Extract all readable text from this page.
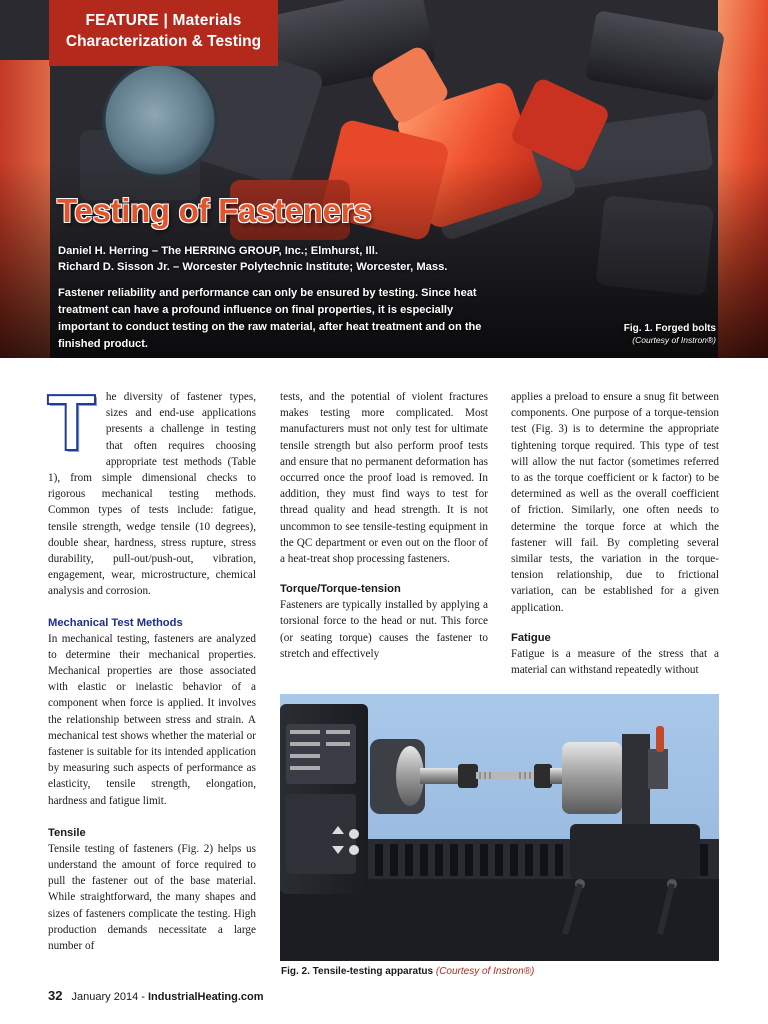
FEATURE | Materials
Characterization & Testing
Testing of Fasteners
Daniel H. Herring – The HERRING GROUP, Inc.; Elmhurst, Ill.
Richard D. Sisson Jr. – Worcester Polytechnic Institute; Worcester, Mass.
Fastener reliability and performance can only be ensured by testing. Since heat treatment can have a profound influence on final properties, it is especially important to conduct testing on the raw material, after heat treatment and on the finished product.
Fig. 1. Forged bolts
(Courtesy of Instron®)
T he diversity of fastener types, sizes and end-use applications presents a challenge in testing that often requires choosing appropriate test methods (Table 1), from simple dimensional checks to rigorous mechanical testing methods. Common types of tests include: fatigue, tensile strength, wedge tensile (10 degrees), double shear, hardness, stress rupture, stress durability, pull-out/push-out, vibration, engagement, wear, microstructure, chemical analysis and corrosion.

Mechanical Test Methods

In mechanical testing, fasteners are analyzed to determine their mechanical properties. Mechanical properties are those associated with elastic or inelastic behavior of a component when force is applied. It involves the relationship between stress and strain. A mechanical test shows whether the material or fastener is suitable for its intended application by measuring such aspects of performance as elasticity, tensile strength, elongation, hardness and fatigue limit.

Tensile

Tensile testing of fasteners (Fig. 2) helps us understand the amount of force required to pull the fastener out of the base material. While straightforward, the many shapes and sizes of fasteners complicate the testing. High production demands necessitate a large number of

tests, and the potential of violent fractures makes testing more complicated. Most manufacturers must not only test for ultimate tensile strength but also perform proof tests and ensure that no permanent deformation has occurred once the proof load is removed. In addition, they must find ways to test for thread quality and head strength. It is not uncommon to see tensile-testing equipment in the QC department or even out on the floor of a heat-treat shop processing fasteners.

Torque/Torque-tension

Fasteners are typically installed by applying a torsional force to the head or nut. This force (or seating torque) causes the fastener to stretch and effectively

applies a preload to ensure a snug fit between components. One purpose of a torque-tension test (Fig. 3) is to determine the appropriate tightening torque required. This type of test will allow the nut factor (sometimes referred to as the torque coefficient or k factor) to be determined as well as the overall coefficient of friction. Similarly, one often needs to determine the torque force at which the fastener will fail. By completing several similar tests, the variation in the torque-tension relationship, due to frictional variation, can be established for a given application.

Fatigue

Fatigue is a measure of the stress that a material can withstand repeatedly without

Fig. 2. Tensile-testing apparatus (Courtesy of Instron®)
32 January 2014 - IndustrialHeating.com
